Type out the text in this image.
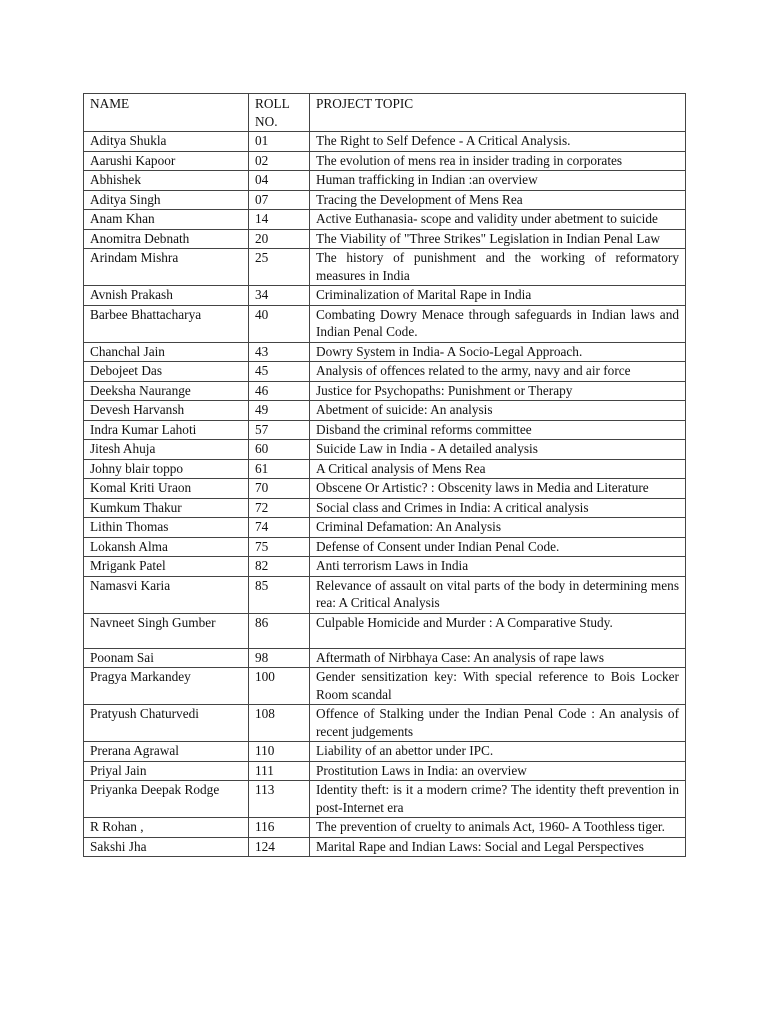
NAME	ROLL NO.	PROJECT TOPIC
Aditya Shukla	01	The Right to Self Defence - A Critical Analysis.
Aarushi Kapoor	02	The evolution of mens rea in insider trading in corporates
Abhishek	04	Human trafficking in Indian :an overview
Aditya Singh	07	Tracing the Development of Mens Rea
Anam Khan	14	Active Euthanasia- scope and validity under abetment to suicide
Anomitra Debnath	20	The Viability of "Three Strikes" Legislation in Indian Penal Law
Arindam Mishra	25	The history of punishment and the working of reformatory measures in India
Avnish Prakash	34	Criminalization of Marital Rape in India
Barbee Bhattacharya	40	Combating Dowry Menace through safeguards in Indian laws and Indian Penal Code.
Chanchal Jain	43	Dowry System in India- A Socio-Legal Approach.
Debojeet Das	45	Analysis of offences related to the army, navy and air force
Deeksha Naurange	46	Justice for Psychopaths: Punishment or Therapy
Devesh Harvansh	49	Abetment of suicide: An analysis
Indra Kumar Lahoti	57	Disband the criminal reforms committee
Jitesh Ahuja	60	Suicide Law in India - A detailed analysis
Johny blair toppo	61	A Critical analysis of Mens Rea
Komal Kriti Uraon	70	Obscene Or Artistic? : Obscenity laws in Media and Literature
Kumkum Thakur	72	Social class and Crimes in India: A critical analysis
Lithin Thomas	74	Criminal Defamation: An Analysis
Lokansh Alma	75	Defense of Consent under Indian Penal Code.
Mrigank Patel	82	Anti terrorism Laws in India
Namasvi Karia	85	Relevance of assault on vital parts of the body in determining mens rea: A Critical Analysis
Navneet Singh Gumber	86	Culpable Homicide and Murder : A Comparative Study.
Poonam Sai	98	Aftermath of Nirbhaya Case: An analysis of rape laws
Pragya Markandey	100	Gender sensitization key: With special reference to Bois Locker Room scandal
Pratyush Chaturvedi	108	Offence of Stalking under the Indian Penal Code : An analysis of recent judgements
Prerana Agrawal	110	Liability of an abettor under IPC.
Priyal Jain	111	Prostitution Laws in India: an overview
Priyanka Deepak Rodge	113	Identity theft: is it a modern crime? The identity theft prevention in post-Internet era
R Rohan ,	116	The prevention of cruelty to animals Act, 1960- A Toothless tiger.
Sakshi Jha	124	Marital Rape and Indian Laws: Social and Legal Perspectives
